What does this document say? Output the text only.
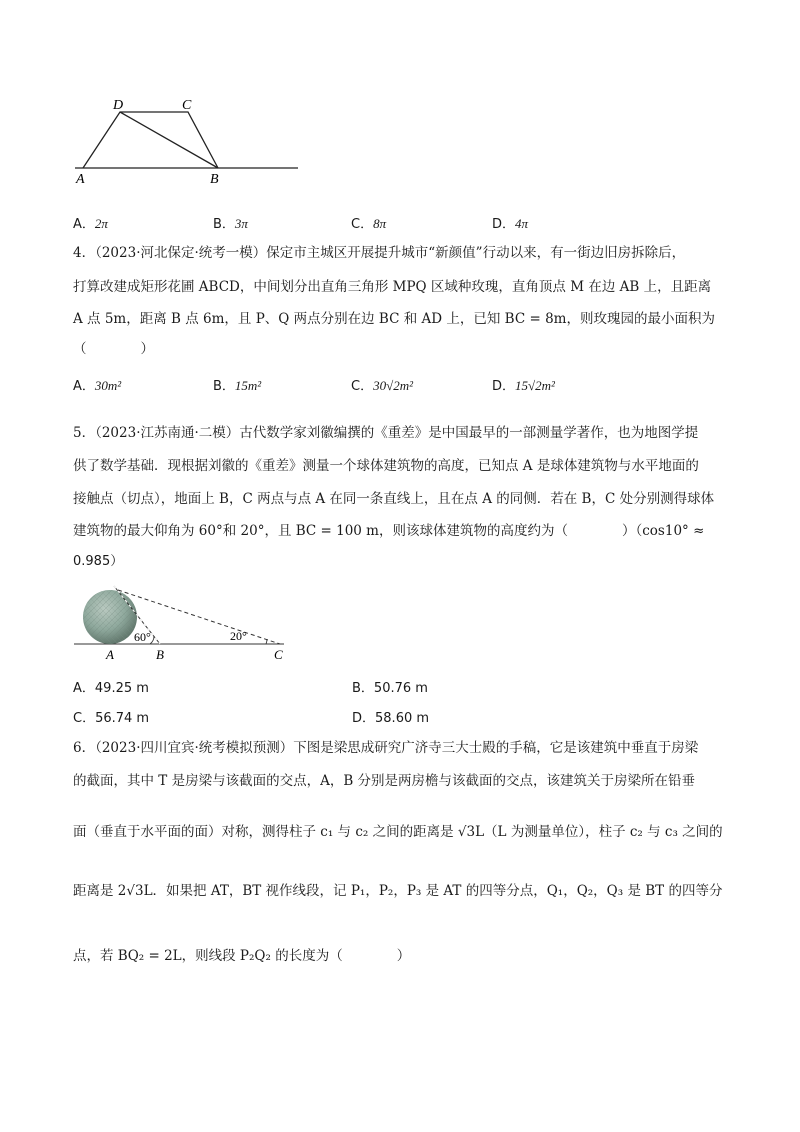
D	C
A	B
A．2π	B．3π	C．8π	D．4π
4．（2023·河北保定·统考一模）保定市主城区开展提升城市“新颜值”行动以来，有一街边旧房拆除后，
打算改建成矩形花圃 ABCD，中间划分出直角三角形 MPQ 区域种玫瑰，直角顶点 M 在边 AB 上，且距离
A 点 5m，距离 B 点 6m，且 P、Q 两点分别在边 BC 和 AD 上，已知 BC = 8m，则玫瑰园的最小面积为
（　　　　）
A．30m²	B．15m²	C．30√2m²	D．15√2m²
5．（2023·江苏南通·二模）古代数学家刘徽编撰的《重差》是中国最早的一部测量学著作，也为地图学提
供了数学基础．现根据刘徽的《重差》测量一个球体建筑物的高度，已知点 A 是球体建筑物与水平地面的
接触点（切点），地面上 B，C 两点与点 A 在同一条直线上，且在点 A 的同侧．若在 B，C 处分别测得球体
建筑物的最大仰角为 60°和 20°，且 BC = 100 m，则该球体建筑物的高度约为（　　　　）（cos10° ≈
0.985）
60°	20°
A	B	C
A．49.25 m	B．50.76 m
C．56.74 m	D．58.60 m
6．（2023·四川宜宾·统考模拟预测）下图是梁思成研究广济寺三大士殿的手稿，它是该建筑中垂直于房梁
的截面，其中 T 是房梁与该截面的交点，A，B 分别是两房檐与该截面的交点，该建筑关于房梁所在铅垂
面（垂直于水平面的面）对称，测得柱子 c₁ 与 c₂ 之间的距离是 √3L（L 为测量单位），柱子 c₂ 与 c₃ 之间的
距离是 2√3L．如果把 AT，BT 视作线段，记 P₁，P₂，P₃ 是 AT 的四等分点，Q₁，Q₂，Q₃ 是 BT 的四等分
点，若 BQ₂ = 2L，则线段 P₂Q₂ 的长度为（　　　　）
